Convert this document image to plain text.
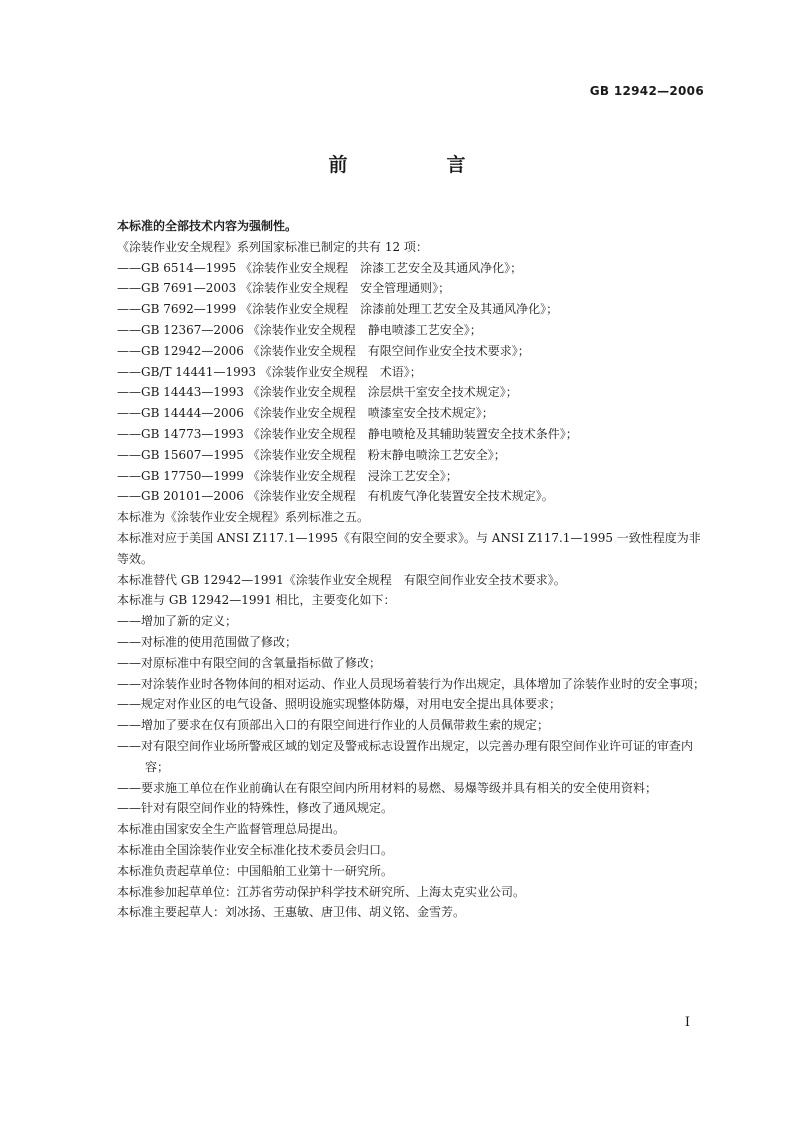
GB 12942—2006
前　言

本标准的全部技术内容为强制性。

《涂装作业安全规程》系列国家标准已制定的共有 12 项：

——GB 6514—1995 《涂装作业安全规程　涂漆工艺安全及其通风净化》；

——GB 7691—2003 《涂装作业安全规程　安全管理通则》；

——GB 7692—1999 《涂装作业安全规程　涂漆前处理工艺安全及其通风净化》；

——GB 12367—2006 《涂装作业安全规程　静电喷漆工艺安全》；

——GB 12942—2006 《涂装作业安全规程　有限空间作业安全技术要求》；

——GB/T 14441—1993 《涂装作业安全规程　术语》；

——GB 14443—1993 《涂装作业安全规程　涂层烘干室安全技术规定》；

——GB 14444—2006 《涂装作业安全规程　喷漆室安全技术规定》；

——GB 14773—1993 《涂装作业安全规程　静电喷枪及其辅助装置安全技术条件》；

——GB 15607—1995 《涂装作业安全规程　粉末静电喷涂工艺安全》；

——GB 17750—1999 《涂装作业安全规程　浸涂工艺安全》；

——GB 20101—2006 《涂装作业安全规程　有机废气净化装置安全技术规定》。

本标准为《涂装作业安全规程》系列标准之五。

本标准对应于美国 ANSI Z117.1—1995《有限空间的安全要求》。与 ANSI Z117.1—1995 一致性程度为非等效。

本标准替代 GB 12942—1991《涂装作业安全规程　有限空间作业安全技术要求》。

本标准与 GB 12942—1991 相比，主要变化如下：

——增加了新的定义；

——对标准的使用范围做了修改；

——对原标准中有限空间的含氧量指标做了修改；

——对涂装作业时各物体间的相对运动、作业人员现场着装行为作出规定，具体增加了涂装作业时的安全事项；

——规定对作业区的电气设备、照明设施实现整体防爆，对用电安全提出具体要求；

——增加了要求在仅有顶部出入口的有限空间进行作业的人员佩带救生索的规定；

——对有限空间作业场所警戒区域的划定及警戒标志设置作出规定，以完善办理有限空间作业许可证的审查内容；

——要求施工单位在作业前确认在有限空间内所用材料的易燃、易爆等级并具有相关的安全使用资料；

——针对有限空间作业的特殊性，修改了通风规定。

本标准由国家安全生产监督管理总局提出。

本标准由全国涂装作业安全标准化技术委员会归口。

本标准负责起草单位：中国船舶工业第十一研究所。

本标准参加起草单位：江苏省劳动保护科学技术研究所、上海太克实业公司。

本标准主要起草人：刘冰扬、王惠敏、唐卫伟、胡义铭、金雪芳。

I
